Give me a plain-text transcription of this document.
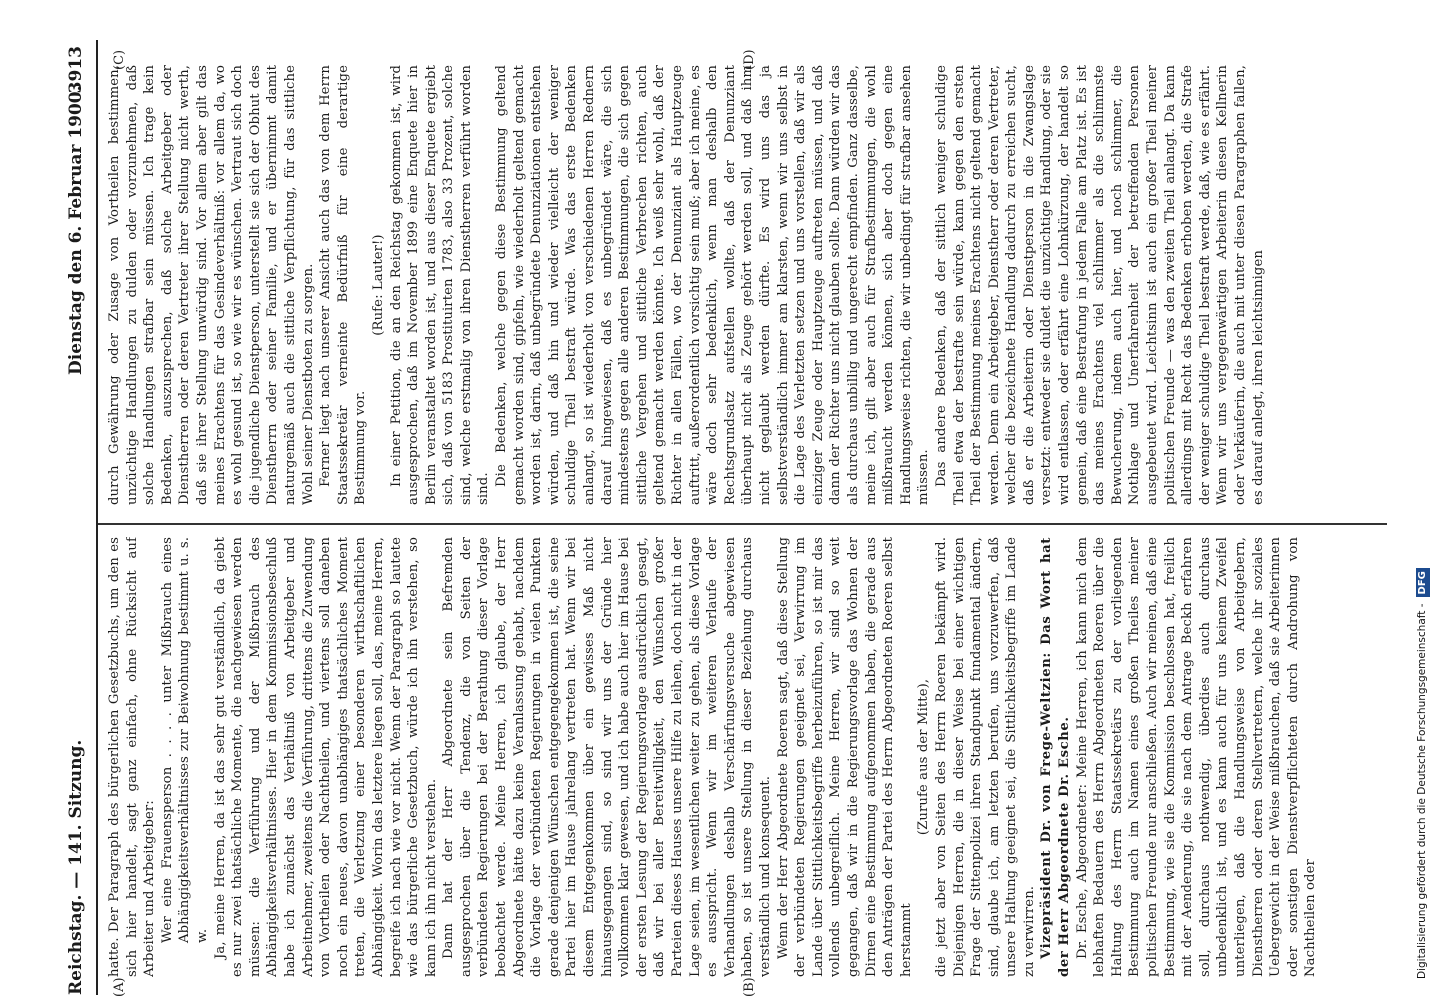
Reichstag. — 141. Sitzung.
Dienstag den 6. Februar 1900.
3913
(A)	(B)
(C)	(D)

hatte. Der Paragraph des bürgerlichen Gesetzbuchs, um den es sich hier handelt, sagt ganz einfach, ohne Rücksicht auf Arbeiter und Arbeitgeber: Wer eine Frauensperson . . . . unter Mißbrauch eines Abhängigkeitsverhältnisses zur Beiwohnung bestimmt u. s. w. Ja, meine Herren, da ist das sehr gut verständlich, da giebt es nur zwei thatsächliche Momente, die nachgewiesen werden müssen: die Verführung und der Mißbrauch des Abhängigkeitsverhältnisses. Hier in dem Kommissionsbeschluß habe ich zunächst das Verhältniß von Arbeitgeber und Arbeitnehmer, zweitens die Verführung, drittens die Zuwendung von Vortheilen oder Nachtheilen, und viertens soll daneben noch ein neues, davon unabhängiges thatsächliches Moment treten, die Verletzung einer besonderen wirthschaftlichen Abhängigkeit. Worin das letztere liegen soll, das, meine Herren, begreife ich nach wie vor nicht. Wenn der Paragraph so lautete wie das bürgerliche Gesetzbuch, würde ich ihn verstehen, so kann ich ihn nicht verstehen. Dann hat der Herr Abgeordnete sein Befremden ausgesprochen über die Tendenz, die von Seiten der verbündeten Regierungen bei der Berathung dieser Vorlage beobachtet werde. Meine Herren, ich glaube, der Herr Abgeordnete hätte dazu keine Veranlassung gehabt, nachdem die Vorlage der verbündeten Regierungen in vielen Punkten gerade denjenigen Wünschen entgegengekommen ist, die seine Partei hier im Hause jahrelang vertreten hat. Wenn wir bei diesem Entgegenkommen über ein gewisses Maß nicht hinausgegangen sind, so sind wir uns der Gründe hier vollkommen klar gewesen, und ich habe auch hier im Hause bei der ersten Lesung der Regierungsvorlage ausdrücklich gesagt, daß wir bei aller Bereitwilligkeit, den Wünschen großer Parteien dieses Hauses unsere Hilfe zu leihen, doch nicht in der Lage seien, im wesentlichen weiter zu gehen, als diese Vorlage es ausspricht. Wenn wir im weiteren Verlaufe der Verhandlungen deshalb Verschärfungsversuche abgewiesen haben, so ist unsere Stellung in dieser Beziehung durchaus verständlich und konsequent. Wenn der Herr Abgeordnete Roeren sagt, daß diese Stellung der verbündeten Regierungen geeignet sei, Verwirrung im Lande über Sittlichkeitsbegriffe herbeizuführen, so ist mir das vollends unbegreiflich. Meine Herren, wir sind so weit gegangen, daß wir in die Regierungsvorlage das Wohnen der Dirnen eine Bestimmung aufgenommen haben, die gerade aus den Anträgen der Partei des Herrn Abgeordneten Roeren selbst herstammt

(Zurufe aus der Mitte), die jetzt aber von Seiten des Herrn Roeren bekämpft wird. Diejenigen Herren, die in dieser Weise bei einer wichtigen Frage der Sittenpolizei ihren Standpunkt fundamental ändern, sind, glaube ich, am letzten berufen, uns vorzuwerfen, daß unsere Haltung geeignet sei, die Sittlichkeitsbegriffe im Lande zu verwirren. Vizepräsident Dr. von Frege-Weltzien: Das Wort hat der Herr Abgeordnete Dr. Esche. Dr. Esche, Abgeordneter: Meine Herren, ich kann mich dem lebhaften Bedauern des Herrn Abgeordneten Roeren über die Haltung des Herrn Staatssekretärs zu der vorliegenden Bestimmung auch im Namen eines großen Theiles meiner politischen Freunde nur anschließen. Auch wir meinen, daß eine Bestimmung, wie sie die Kommission beschlossen hat, freilich mit der Aenderung, die sie nach dem Antrage Beckh erfahren soll, durchaus nothwendig, überdies auch durchaus unbedenklich ist, und es kann auch für uns keinem Zweifel unterliegen, daß die Handlungsweise von Arbeitgebern, Dienstherren oder deren Stellvertretern, welche ihr soziales Uebergewicht in der Weise mißbrauchen, daß sie Arbeiterinnen oder sonstigen Dienstverpflichteten durch Androhung von Nachtheilen oder

durch Gewährung oder Zusage von Vortheilen bestimmen, unzüchtige Handlungen zu dulden oder vorzunehmen, daß solche Handlungen strafbar sein müssen. Ich trage kein Bedenken, auszusprechen, daß solche Arbeitgeber oder Dienstherren oder deren Vertreter ihrer Stellung nicht werth, daß sie ihrer Stellung unwürdig sind. Vor allem aber gilt das meines Erachtens für das Gesindeverhältniß: vor allem da, wo es wohl gesund ist, so wie wir es wünschen. Vertraut sich doch die jugendliche Dienstperson, unterstellt sie sich der Obhut des Dienstherrn oder seiner Familie, und er übernimmt damit naturgemäß auch die sittliche Verpflichtung, für das sittliche Wohl seiner Dienstboten zu sorgen. Ferner liegt nach unserer Ansicht auch das von dem Herrn Staatssekretär verneinte Bedürfniß für eine derartige Bestimmung vor.

(Rufe: Lauter!) In einer Petition, die an den Reichstag gekommen ist, wird ausgesprochen, daß im November 1899 eine Enquete hier in Berlin veranstaltet worden ist, und aus dieser Enquete ergiebt sich, daß von 5183 Prostituirten 1783, also 33 Prozent, solche sind, welche erstmalig von ihren Dienstherren verführt worden sind.

Die Bedenken, welche gegen diese Bestimmung geltend gemacht worden sind, gipfeln, wie wiederholt geltend gemacht worden ist, darin, daß unbegründete Denunziationen entstehen würden, und daß hin und wieder vielleicht der weniger schuldige Theil bestraft würde. Was das erste Bedenken anlangt, so ist wiederholt von verschiedenen Herren Rednern darauf hingewiesen, daß es unbegründet wäre, die sich mindestens gegen alle anderen Bestimmungen, die sich gegen sittliche Vergehen und sittliche Verbrechen richten, auch geltend gemacht werden könnte. Ich weiß sehr wohl, daß der Richter in allen Fällen, wo der Denunziant als Hauptzeuge auftritt, außerordentlich vorsichtig sein muß; aber ich meine, es wäre doch sehr bedenklich, wenn man deshalb den Rechtsgrundsatz aufstellen wollte, daß der Denunziant überhaupt nicht als Zeuge gehört werden soll, und daß ihm nicht geglaubt werden dürfte. Es wird uns das ja selbstverständlich immer am klarsten, wenn wir uns selbst in die Lage des Verletzten setzen und uns vorstellen, daß wir als einziger Zeuge oder Hauptzeuge auftreten müssen, und daß dann der Richter uns nicht glauben sollte. Dann würden wir das als durchaus unbillig und ungerecht empfinden. Ganz dasselbe, meine ich, gilt aber auch für Strafbestimmungen, die wohl mißbraucht werden können, sich aber doch gegen eine Handlungsweise richten, die wir unbedingt für strafbar ansehen müssen. Das andere Bedenken, daß der sittlich weniger schuldige Theil etwa der bestrafte sein würde, kann gegen den ersten Theil der Bestimmung meines Erachtens nicht geltend gemacht werden. Denn ein Arbeitgeber, Dienstherr oder deren Vertreter, welcher die bezeichnete Handlung dadurch zu erreichen sucht, daß er die Arbeiterin oder Dienstperson in die Zwangslage versetzt: entweder sie duldet die unzüchtige Handlung, oder sie wird entlassen, oder erfährt eine Lohnkürzung, der handelt so gemein, daß eine Bestrafung in jedem Falle am Platz ist. Es ist das meines Erachtens viel schlimmer als die schlimmste Bewucherung, indem auch hier, und noch schlimmer, die Nothlage und Unerfahrenheit der betreffenden Personen ausgebeutet wird. Leichtsinn ist auch ein großer Theil meiner politischen Freunde — was den zweiten Theil anlangt. Da kann allerdings mit Recht das Bedenken erhoben werden, die Strafe der weniger schuldige Theil bestraft werde, daß, wie es erfährt. Wenn wir uns vergegenwärtigen Arbeiterin diesen Kellnerin oder Verkäuferin, die auch mit unter diesen Paragraphen fallen, es darauf anlegt, ihren leichtsinnigen

Digitalisierung gefördert durch die Deutsche Forschungsgemeinschaft -DFG
